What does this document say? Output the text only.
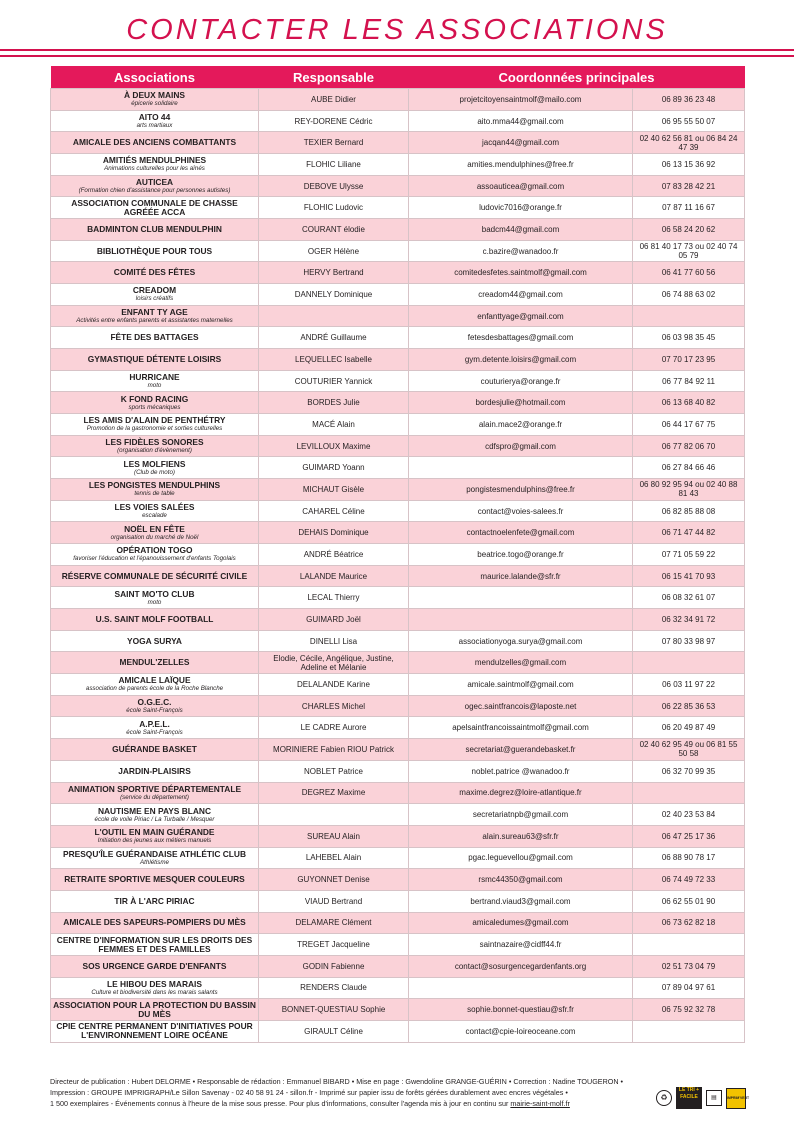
CONTACTER LES ASSOCIATIONS
Associations	Responsable	Coordonnées principales	

À DEUX MAINS
épicerie solidaire	AUBE Didier	projetcitoyensaintmolf@mailo.com	06 89 36 23 48

AITO 44
arts martiaux	REY-DORENE Cédric	aito.mma44@gmail.com	06 95 55 50 07

AMICALE DES ANCIENS COMBATTANTS	TEXIER Bernard	jacqan44@gmail.com	02 40 62 56 81 ou 06 84 24 47 39

AMITIÉS MENDULPHINES
Animations culturelles pour les aînés	FLOHIC Liliane	amities.mendulphines@free.fr	06 13 15 36 92

AUTICEA
(Formation chien d'assistance pour personnes autistes)	DEBOVE Ulysse	assoauticea@gmail.com	07 83 28 42 21

ASSOCIATION COMMUNALE DE CHASSE AGRÉÉE ACCA	FLOHIC Ludovic	ludovic7016@orange.fr	07 87 11 16 67

BADMINTON CLUB MENDULPHIN	COURANT élodie	badcm44@gmail.com	06 58 24 20 62

BIBLIOTHÈQUE POUR TOUS	OGER Hélène	c.bazire@wanadoo.fr	06 81 40 17 73 ou 02 40 74 05 79

COMITÉ DES FÊTES	HERVY Bertrand	comitedesfetes.saintmolf@gmail.com	06 41 77 60 56

CREADOM
loisirs créatifs	DANNELY Dominique	creadom44@gmail.com	06 74 88 63 02

ENFANT TY AGE
Activités entre enfants parents et assistantes maternelles		enfanttyage@gmail.com	

FÊTE DES BATTAGES	ANDRÉ Guillaume	fetesdesbattages@gmail.com	06 03 98 35 45

GYMASTIQUE DÉTENTE LOISIRS	LEQUELLEC Isabelle	gym.detente.loisirs@gmail.com	07 70 17 23 95

HURRICANE
moto	COUTURIER Yannick	couturierya@orange.fr	06 77 84 92 11

K FOND RACING
sports mécaniques	BORDES Julie	bordesjulie@hotmail.com	06 13 68 40 82

LES AMIS D'ALAIN DE PENTHÉTRY
Promotion de la gastronomie et sorties culturelles	MACÉ Alain	alain.mace2@orange.fr	06 44 17 67 75

LES FIDÈLES SONORES
(organisation d'évènement)	LEVILLOUX Maxime	cdfspro@gmail.com	06 77 82 06 70

LES MOLFIENS
(Club de moto)	GUIMARD Yoann		06 27 84 66 46

LES PONGISTES MENDULPHINS
tennis de table	MICHAUT Gisèle	pongistesmendulphins@free.fr	06 80 92 95 94 ou 02 40 88 81 43

LES VOIES SALÉES
escalade	CAHAREL Céline	contact@voies-salees.fr	06 82 85 88 08

NOËL EN FÊTE
organisation du marché de Noël	DEHAIS Dominique	contactnoelenfete@gmail.com	06 71 47 44 82

OPÉRATION TOGO
favoriser l'éducation et l'épanouissement d'enfants Togolais	ANDRÉ Béatrice	beatrice.togo@orange.fr	07 71 05 59 22

RÉSERVE COMMUNALE DE SÉCURITÉ CIVILE	LALANDE Maurice	maurice.lalande@sfr.fr	06 15 41 70 93

SAINT MO'TO CLUB
moto	LECAL Thierry		06 08 32 61 07

U.S. SAINT MOLF FOOTBALL	GUIMARD Joël		06 32 34 91 72

YOGA SURYA	DINELLI Lisa	associationyoga.surya@gmail.com	07 80 33 98 97

MENDUL'ZELLES	Elodie, Cécile, Angélique, Justine, Adeline et Mélanie	mendulzelles@gmail.com	

AMICALE LAÏQUE
association de parents école de la Roche Blanche	DELALANDE Karine	amicale.saintmolf@gmail.com	06 03 11 97 22

O.G.E.C.
école Saint-François	CHARLES Michel	ogec.saintfrancois@laposte.net	06 22 85 36 53

A.P.E.L.
école Saint-François	LE CADRE Aurore	apelsaintfrancoissaintmolf@gmail.com	06 20 49 87 49

GUÉRANDE BASKET	MORINIERE Fabien RIOU Patrick	secretariat@guerandebasket.fr	02 40 62 95 49 ou 06 81 55 50 58

JARDIN-PLAISIRS	NOBLET Patrice	noblet.patrice @wanadoo.fr	06 32 70 99 35

ANIMATION SPORTIVE DÉPARTEMENTALE
(service du département)	DEGREZ Maxime	maxime.degrez@loire-atlantique.fr	

NAUTISME EN PAYS BLANC
école de voile Piriac / La Turballe / Mesquer		secretariatnpb@gmail.com	02 40 23 53 84

L'OUTIL EN MAIN GUÉRANDE
Initiation des jeunes aux métiers manuels	SUREAU Alain	alain.sureau63@sfr.fr	06 47 25 17 36

PRESQU'ÎLE GUÉRANDAISE ATHLÉTIC CLUB
Athlétisme	LAHEBEL Alain	pgac.leguevellou@gmail.com	06 88 90 78 17

RETRAITE SPORTIVE MESQUER COULEURS	GUYONNET Denise	rsmc44350@gmail.com	06 74 49 72 33

TIR À L'ARC PIRIAC	VIAUD Bertrand	bertrand.viaud3@gmail.com	06 62 55 01 90

AMICALE DES SAPEURS-POMPIERS DU MÈS	DELAMARE Clément	amicaledumes@gmail.com	06 73 62 82 18

CENTRE D'INFORMATION SUR LES DROITS DES FEMMES ET DES FAMILLES	TREGET Jacqueline	saintnazaire@cidff44.fr	

SOS URGENCE GARDE D'ENFANTS	GODIN Fabienne	contact@sosurgencegardenfants.org	02 51 73 04 79

LE HIBOU DES MARAIS
Culture et biodiversité dans les marais salants	RENDERS Claude		07 89 04 97 61

ASSOCIATION POUR LA PROTECTION DU BASSIN DU MÈS	BONNET-QUESTIAU Sophie	sophie.bonnet-questiau@sfr.fr	06 75 92 32 78

CPIE CENTRE PERMANENT D'INITIATIVES POUR L'ENVIRONNEMENT LOIRE OCÉANE	GIRAULT Céline	contact@cpie-loireoceane.com	
Directeur de publication : Hubert DELORME • Responsable de rédaction : Emmanuel BIBARD • Mise en page : Gwendoline GRANGE-GUÉRIN • Correction : Nadine TOUGERON •
Impression : GROUPE IMPRIGRAPH/Le Sillon Savenay - 02 40 58 91 24 - sillon.fr - Imprimé sur papier issu de forêts gérées durablement avec encres végétales •
1 500 exemplaires - Événements connus à l'heure de la mise sous presse. Pour plus d'informations, consulter l'agenda mis à jour en continu sur mairie-saint-molf.fr
♻
LE TRI + FACILE	▤	IMPRIM'VERT
